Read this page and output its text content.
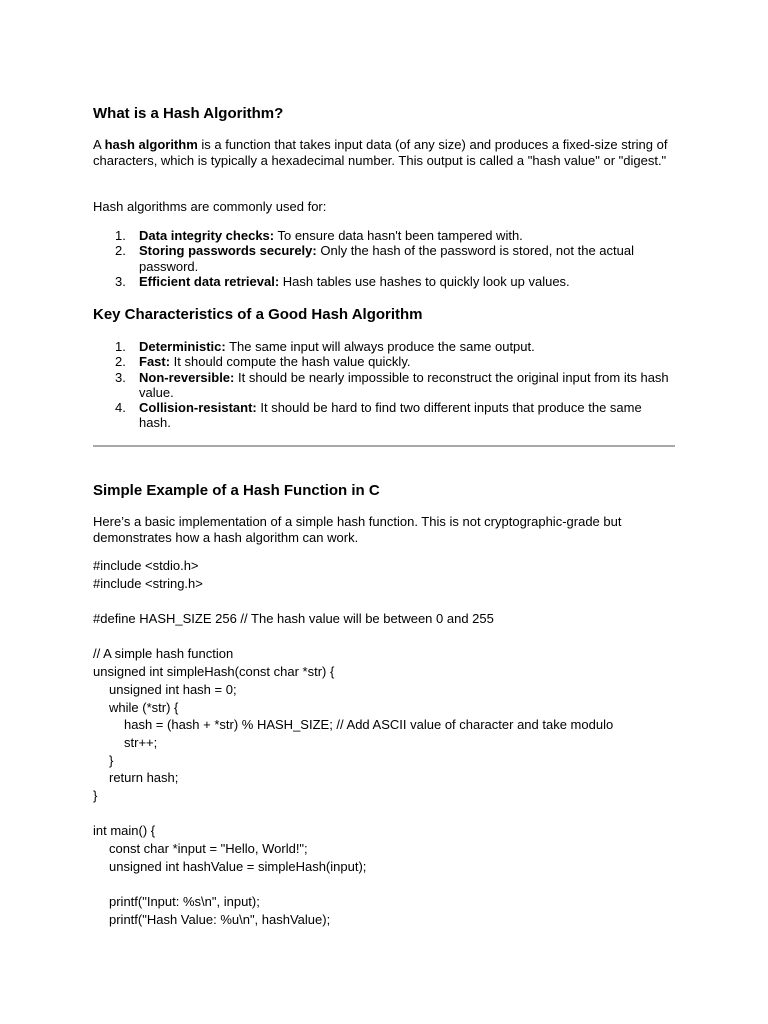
What is a Hash Algorithm?

A hash algorithm is a function that takes input data (of any size) and produces a fixed-size string of characters, which is typically a hexadecimal number. This output is called a "hash value" or "digest."

Hash algorithms are commonly used for:

1. Data integrity checks: To ensure data hasn't been tampered with.
2. Storing passwords securely: Only the hash of the password is stored, not the actual password.
3. Efficient data retrieval: Hash tables use hashes to quickly look up values.
Key Characteristics of a Good Hash Algorithm
1. Deterministic: The same input will always produce the same output.
2. Fast: It should compute the hash value quickly.
3. Non-reversible: It should be nearly impossible to reconstruct the original input from its hash value.
4. Collision-resistant: It should be hard to find two different inputs that produce the same hash.
Simple Example of a Hash Function in C

Here’s a basic implementation of a simple hash function. This is not cryptographic-grade but demonstrates how a hash algorithm can work.

#include <stdio.h>
#include <string.h>
#define HASH_SIZE 256 // The hash value will be between 0 and 255
// A simple hash function
unsigned int simpleHash(const char *str) {
unsigned int hash = 0;
while (*str) {
hash = (hash + *str) % HASH_SIZE; // Add ASCII value of character and take modulo
str++;
}
return hash;
}
int main() {
const char *input = "Hello, World!";
unsigned int hashValue = simpleHash(input);
printf("Input: %s\n", input);
printf("Hash Value: %u\n", hashValue);
